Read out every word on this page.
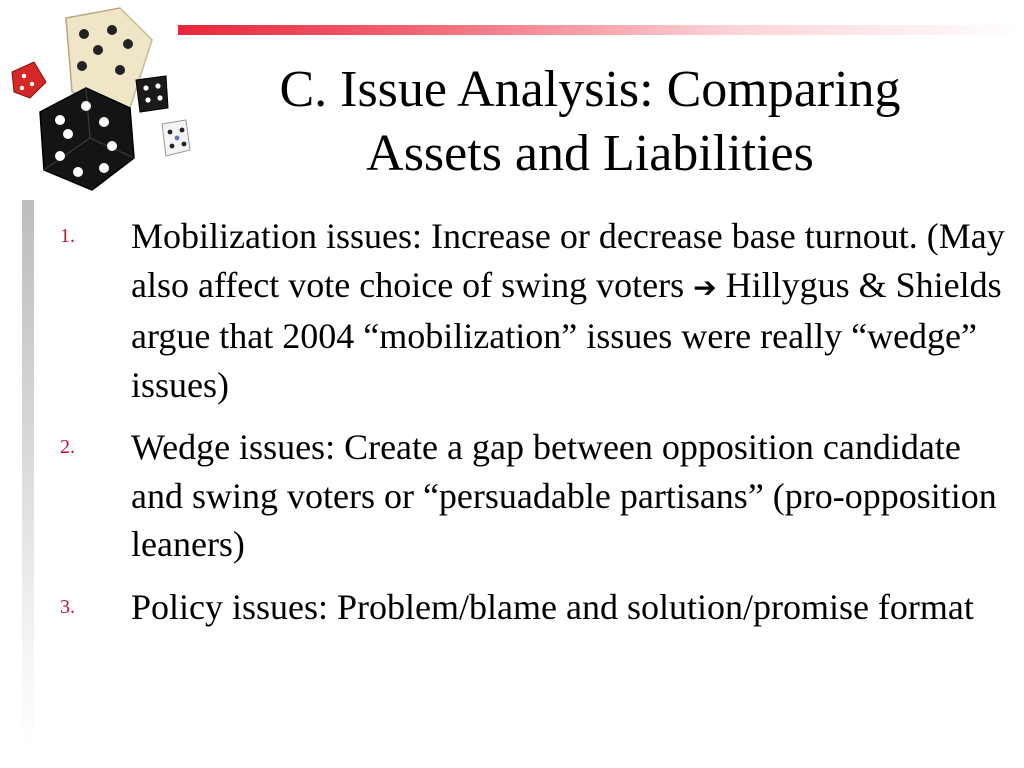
C. Issue Analysis: Comparing
Assets and Liabilities
1. Mobilization issues: Increase or decrease base turnout. (May also affect vote choice of swing voters ➔ Hillygus & Shields argue that 2004 “mobilization” issues were really “wedge” issues)
2. Wedge issues: Create a gap between opposition candidate and swing voters or “persuadable partisans” (pro-opposition leaners)
3. Policy issues: Problem/blame and solution/promise format
